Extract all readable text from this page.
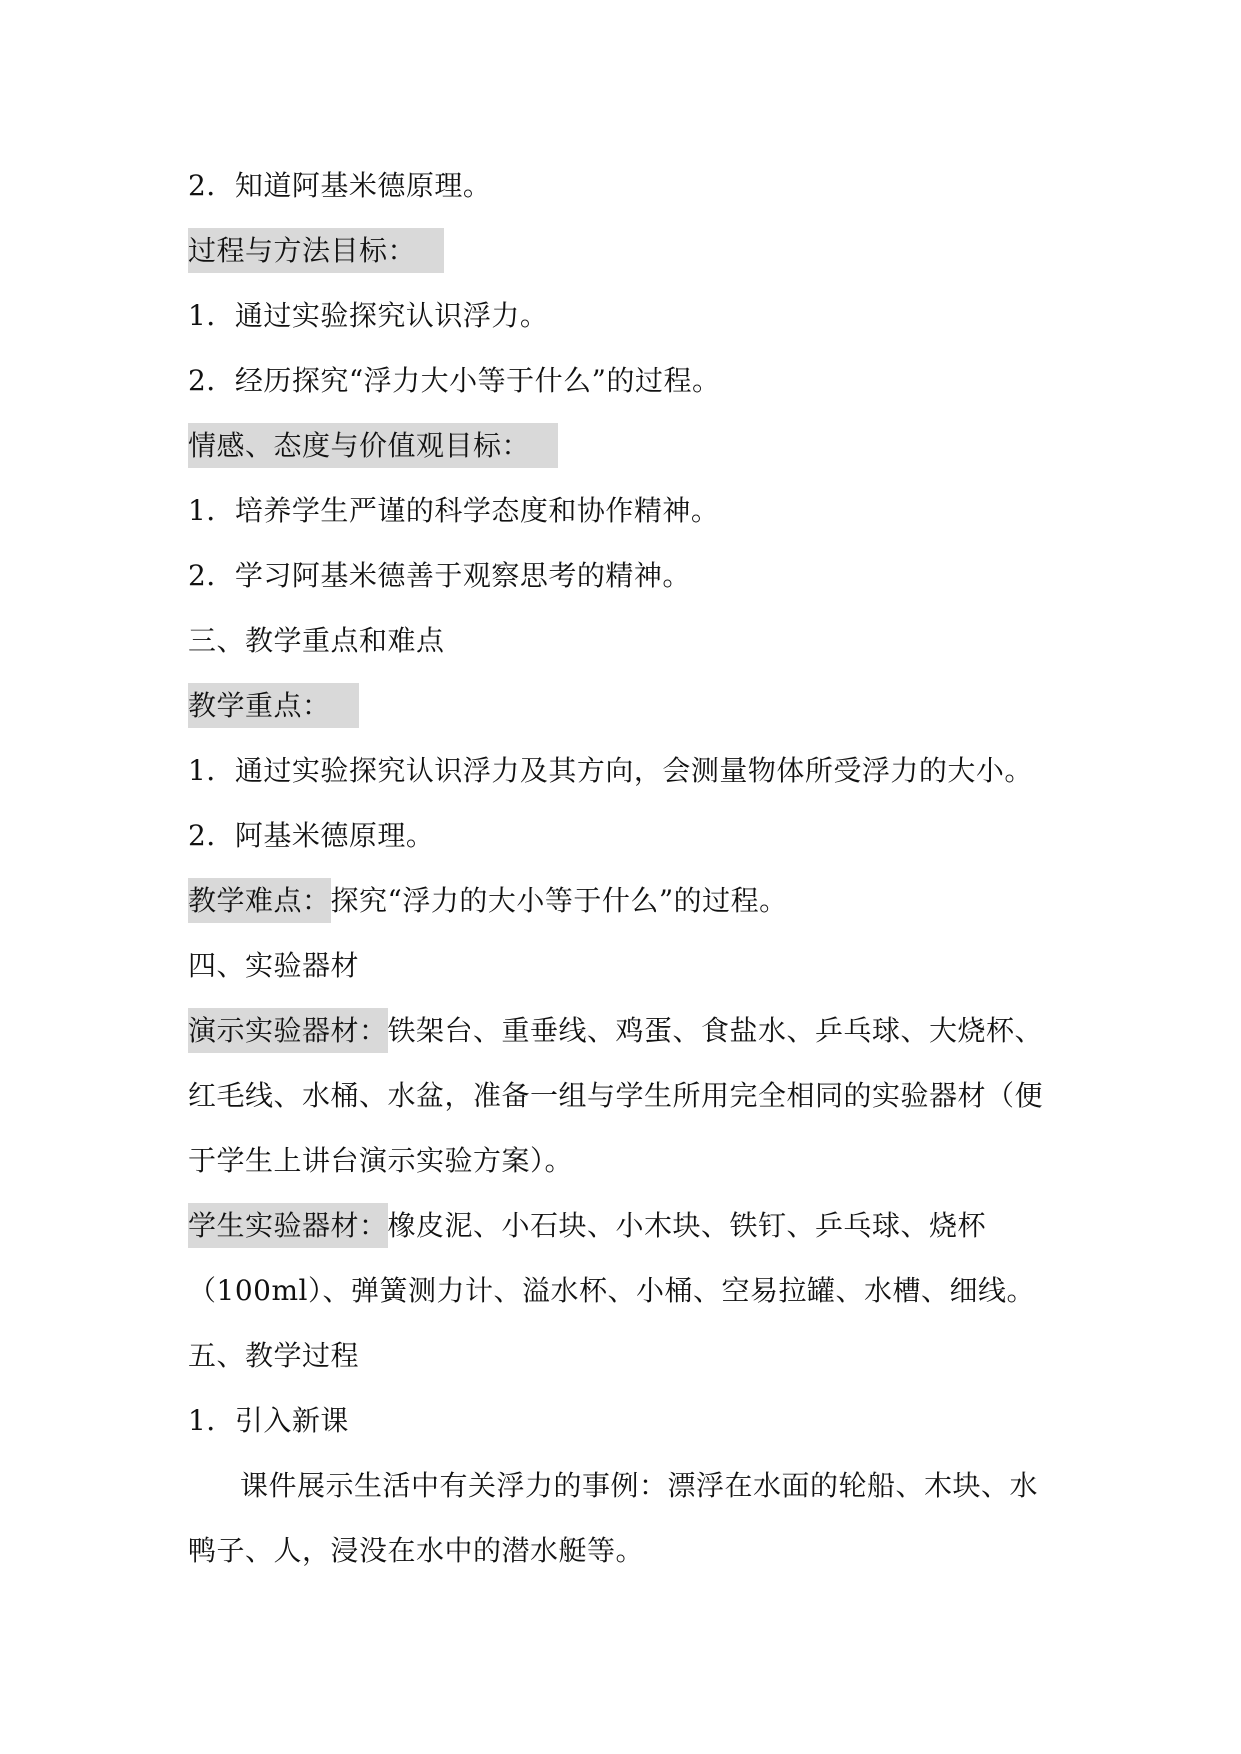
2．知道阿基米德原理。
过程与方法目标：
1．通过实验探究认识浮力。
2．经历探究“浮力大小等于什么”的过程。
情感、态度与价值观目标：
1．培养学生严谨的科学态度和协作精神。
2．学习阿基米德善于观察思考的精神。
三、教学重点和难点
教学重点：
1．通过实验探究认识浮力及其方向，会测量物体所受浮力的大小。
2．阿基米德原理。
教学难点：探究“浮力的大小等于什么”的过程。
四、实验器材
演示实验器材：铁架台、重垂线、鸡蛋、食盐水、乒乓球、大烧杯、
红毛线、水桶、水盆，准备一组与学生所用完全相同的实验器材（便
于学生上讲台演示实验方案）。
学生实验器材：橡皮泥、小石块、小木块、铁钉、乒乓球、烧杯
（100ml）、弹簧测力计、溢水杯、小桶、空易拉罐、水槽、细线。
五、教学过程
1．引入新课
课件展示生活中有关浮力的事例：漂浮在水面的轮船、木块、水
鸭子、人，浸没在水中的潜水艇等。
